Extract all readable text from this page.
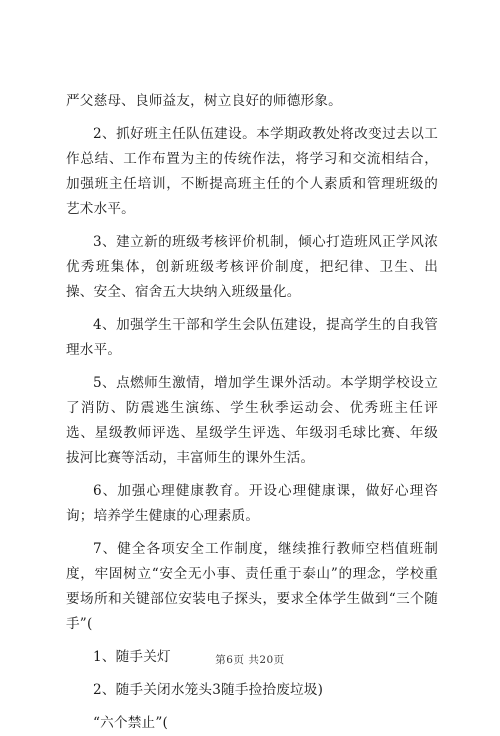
严父慈母、良师益友，树立良好的师德形象。

2、抓好班主任队伍建设。本学期政教处将改变过去以工作总结、工作布置为主的传统作法，将学习和交流相结合，加强班主任培训，不断提高班主任的个人素质和管理班级的艺术水平。

3、建立新的班级考核评价机制，倾心打造班风正学风浓优秀班集体，创新班级考核评价制度，把纪律、卫生、出操、安全、宿舍五大块纳入班级量化。

4、加强学生干部和学生会队伍建设，提高学生的自我管理水平。

5、点燃师生激情，增加学生课外活动。本学期学校设立了消防、防震逃生演练、学生秋季运动会、优秀班主任评选、星级教师评选、星级学生评选、年级羽毛球比赛、年级拔河比赛等活动，丰富师生的课外生活。

6、加强心理健康教育。开设心理健康课，做好心理咨询；培养学生健康的心理素质。

7、健全各项安全工作制度，继续推行教师空档值班制度，牢固树立“安全无小事、责任重于泰山”的理念，学校重要场所和关键部位安装电子探头，要求全体学生做到“三个随手”(

1、随手关灯

2、随手关闭水笼头3随手捡拾废垃圾)

“六个禁止”(

第6页 共20页
